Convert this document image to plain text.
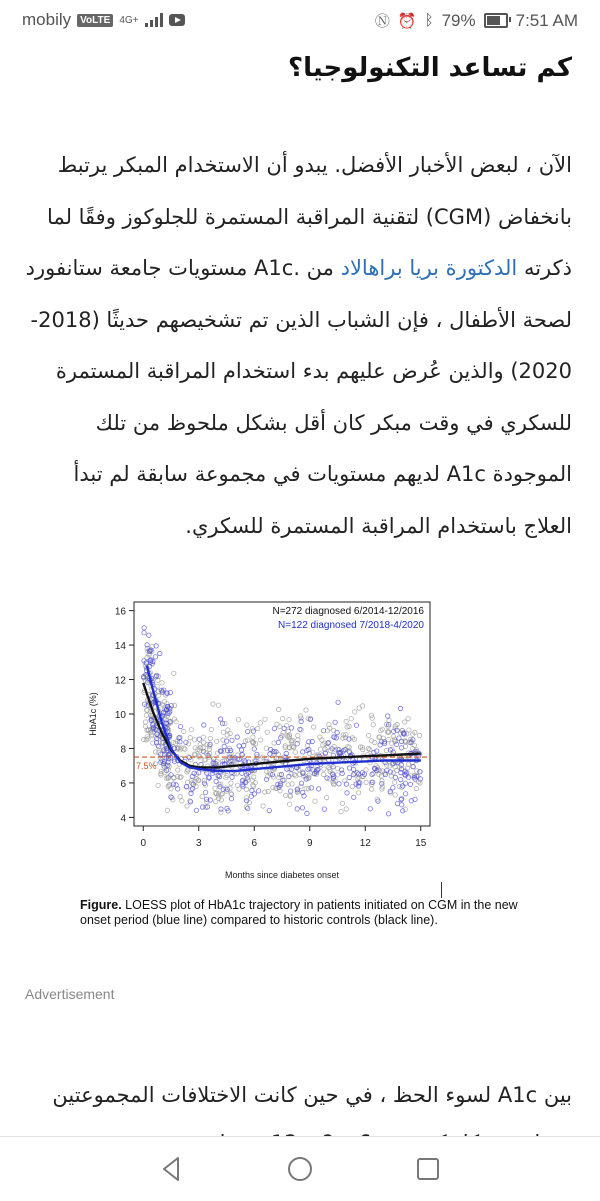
mobily VoLTE 4G+	Ⓝ ⏰ ᛒ 79% 7:51 AM
كم تساعد التكنولوجيا؟

الآن ، لبعض الأخبار الأفضل. يبدو أن الاستخدام المبكر يرتبط بانخفاض (CGM) لتقنية المراقبة المستمرة للجلوكوز وفقًا لما ذكرته الدكتورة بريا براهالاد من .A1c مستويات جامعة ستانفورد لصحة الأطفال ، فإن الشباب الذين تم تشخيصهم حديثًا (2018-2020) والذين عُرض عليهم بدء استخدام المراقبة المستمرة للسكري في وقت مبكر كان أقل بشكل ملحوظ من تلك الموجودة A1c لديهم مستويات في مجموعة سابقة لم تبدأ العلاج باستخدام المراقبة المستمرة للسكري.

7.5%
4
6
8
10
12
14
16
0	3	6	9	12	15
Months since diabetes onset
HbA1c (%)
N=272 diagnosed 6/2014-12/2016
N=122 diagnosed 7/2018-4/2020
Figure. LOESS plot of HbA1c trajectory in patients initiated on CGM in the new onset period (blue line) compared to historic controls (black line).
Advertisement

بين A1c لسوء الحظ ، في حين كانت الاختلافات المجموعتين
